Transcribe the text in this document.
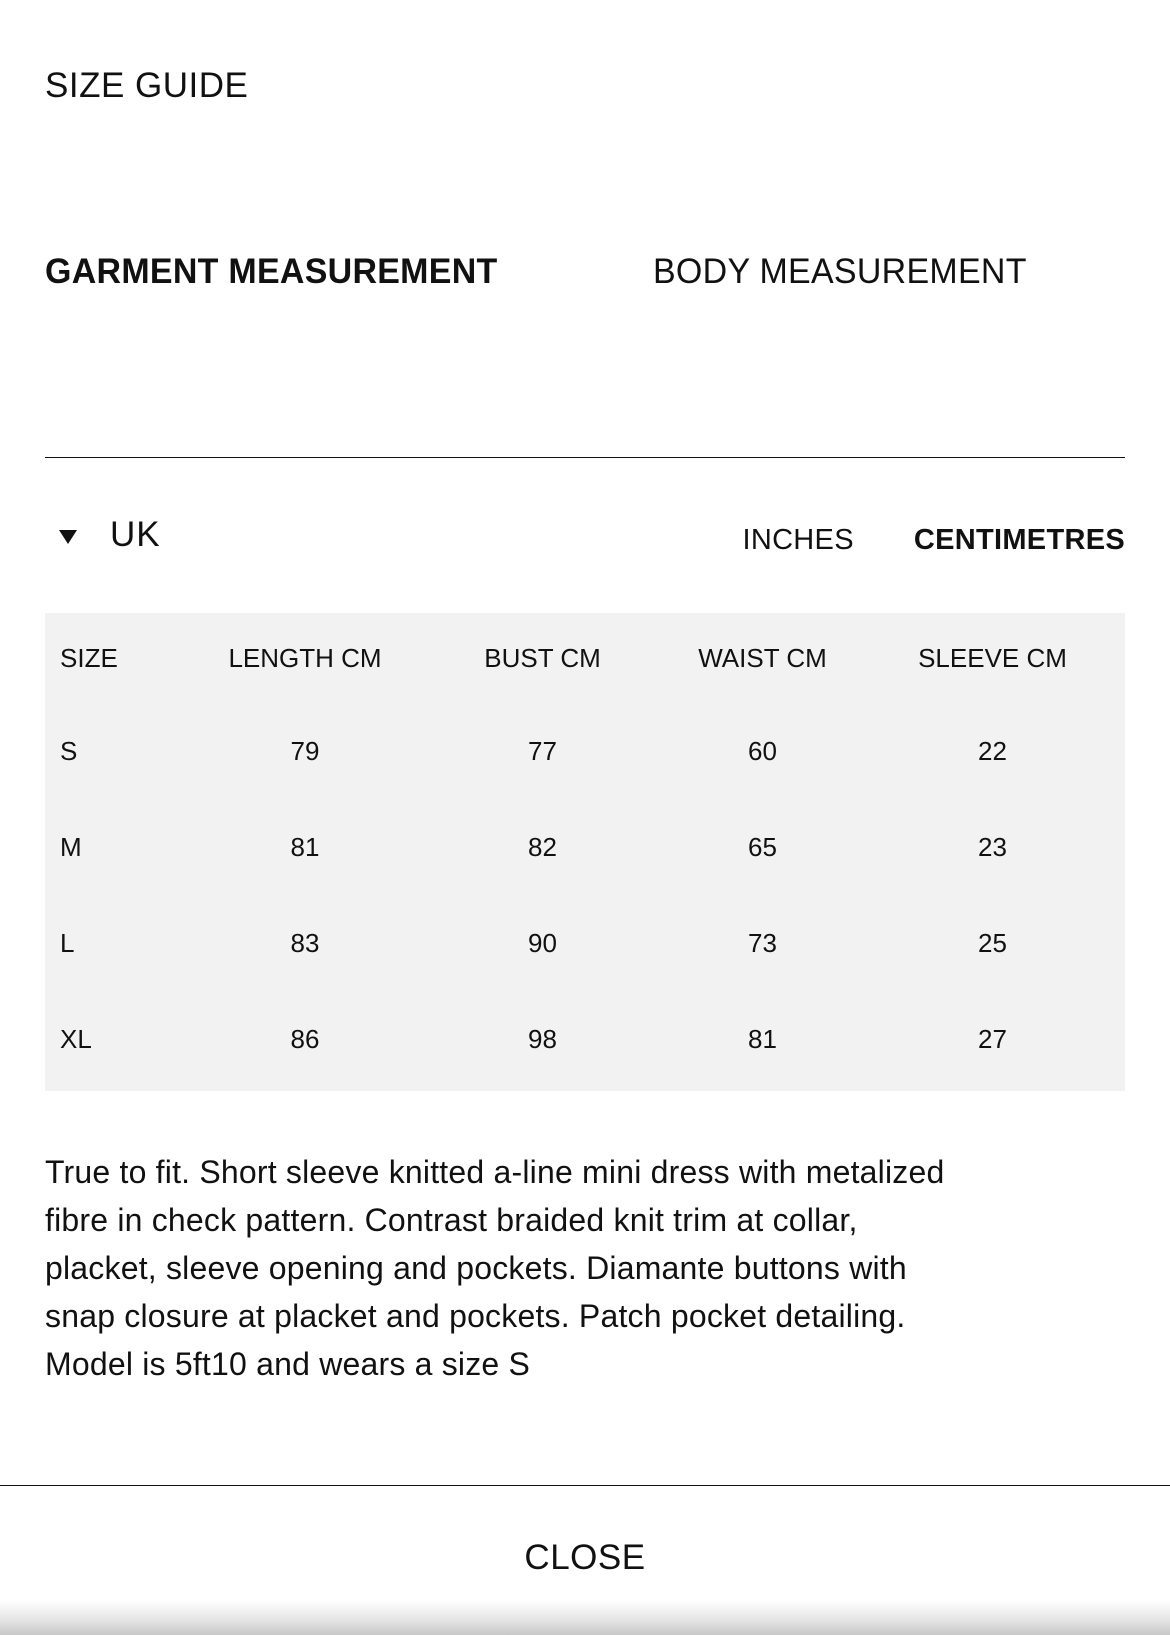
SIZE GUIDE
GARMENT MEASUREMENT	BODY MEASUREMENT
UK	INCHES CENTIMETRES
SIZE	LENGTH CM	BUST CM	WAIST CM	SLEEVE CM
S	79	77	60	22
M	81	82	65	23
L	83	90	73	25
XL	86	98	81	27

True to fit. Short sleeve knitted a-line mini dress with metalized fibre in check pattern. Contrast braided knit trim at collar, placket, sleeve opening and pockets. Diamante buttons with snap closure at placket and pockets. Patch pocket detailing. Model is 5ft10 and wears a size S

CLOSE
